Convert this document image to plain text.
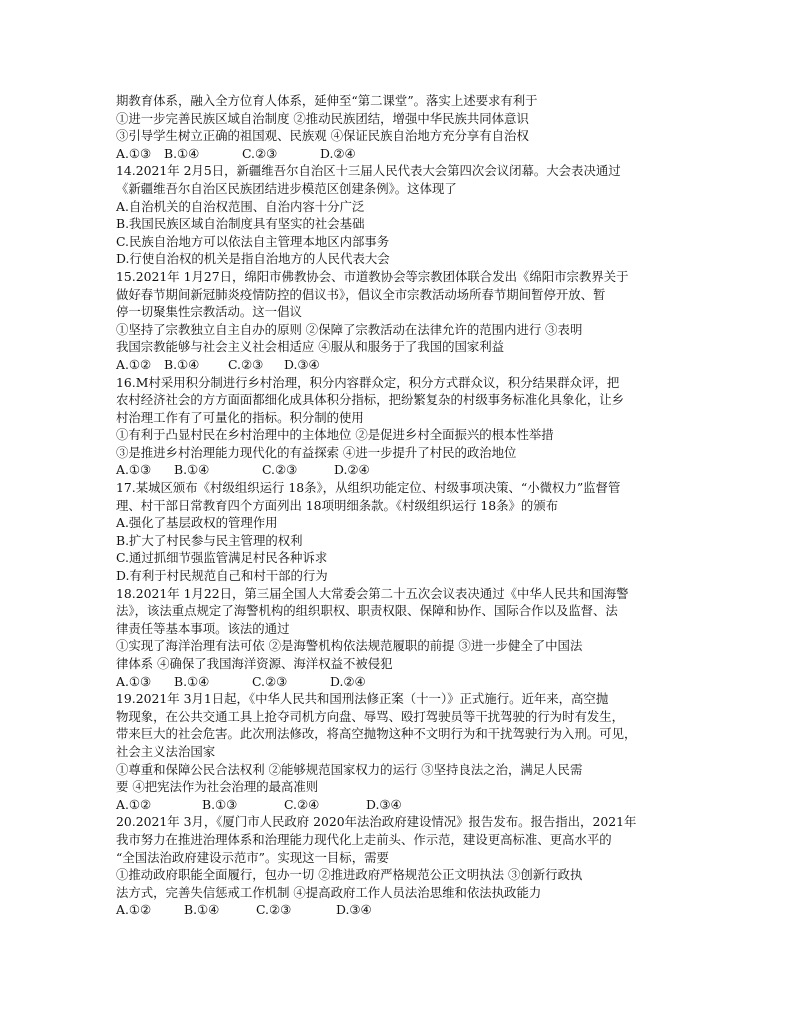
期教育体系，融入全方位育人体系，延伸至“第二课堂”。落实上述要求有利于
①进一步完善民族区域自治制度 ②推动民族团结，增强中华民族共同体意识
③引导学生树立正确的祖国观、民族观 ④保证民族自治地方充分享有自治权
A.①③	B.①④	C.②③	D.②④
14.2021年 2月5日，新疆维吾尔自治区十三届人民代表大会第四次会议闭幕。大会表决通过
《新疆维吾尔自治区民族团结进步模范区创建条例》。这体现了
A.自治机关的自治权范围、自治内容十分广泛
B.我国民族区域自治制度具有坚实的社会基础
C.民族自治地方可以依法自主管理本地区内部事务
D.行使自治权的机关是指自治地方的人民代表大会
15.2021年 1月27日，绵阳市佛教协会、市道教协会等宗教团体联合发出《绵阳市宗教界关于
做好春节期间新冠肺炎疫情防控的倡议书》，倡议全市宗教活动场所春节期间暂停开放、暂
停一切聚集性宗教活动。这一倡议
①坚持了宗教独立自主自办的原则 ②保障了宗教活动在法律允许的范围内进行 ③表明
我国宗教能够与社会主义社会相适应 ④服从和服务于了我国的国家利益
A.①②	B.①④	C.②③	D.③④
16.M村采用积分制进行乡村治理，积分内容群众定，积分方式群众议，积分结果群众评，把
农村经济社会的方方面面都细化成具体积分指标，把纷繁复杂的村级事务标准化具象化，让乡
村治理工作有了可量化的指标。积分制的使用
①有利于凸显村民在乡村治理中的主体地位 ②是促进乡村全面振兴的根本性举措
③是推进乡村治理能力现代化的有益探索 ④进一步提升了村民的政治地位
A.①③	B.①④	C.②③	D.②④
17.某城区颁布《村级组织运行 18条》，从组织功能定位、村级事项决策、“小微权力”监督管
理、村干部日常教育四个方面列出 18项明细条款。《村级组织运行 18条》的颁布
A.强化了基层政权的管理作用
B.扩大了村民参与民主管理的权利
C.通过抓细节强监管满足村民各种诉求
D.有利于村民规范自己和村干部的行为
18.2021年 1月22日，第三届全国人大常委会第二十五次会议表决通过《中华人民共和国海警
法》，该法重点规定了海警机构的组织职权、职责权限、保障和协作、国际合作以及监督、法
律责任等基本事项。该法的通过
①实现了海洋治理有法可依 ②是海警机构依法规范履职的前提 ③进一步健全了中国法
律体系 ④确保了我国海洋资源、海洋权益不被侵犯
A.①③	B.①④	C.②③	D.②④
19.2021年 3月1日起，《中华人民共和国刑法修正案（十一）》正式施行。近年来，高空抛
物现象，在公共交通工具上抢夺司机方向盘、辱骂、殴打驾驶员等干扰驾驶的行为时有发生，
带来巨大的社会危害。此次刑法修改，将高空抛物这种不文明行为和干扰驾驶行为入刑。可见，
社会主义法治国家
①尊重和保障公民合法权利 ②能够规范国家权力的运行 ③坚持良法之治，满足人民需
要 ④把宪法作为社会治理的最高准则
A.①②	B.①③	C.②④	D.③④
20.2021年 3月，《厦门市人民政府 2020年法治政府建设情况》报告发布。报告指出，2021年
我市努力在推进治理体系和治理能力现代化上走前头、作示范，建设更高标准、更高水平的
“全国法治政府建设示范市”。实现这一目标，需要
①推动政府职能全面履行，包办一切 ②推进政府严格规范公正文明执法 ③创新行政执
法方式，完善失信惩戒工作机制 ④提高政府工作人员法治思维和依法执政能力
A.①②	B.①④	C.②③	D.③④
